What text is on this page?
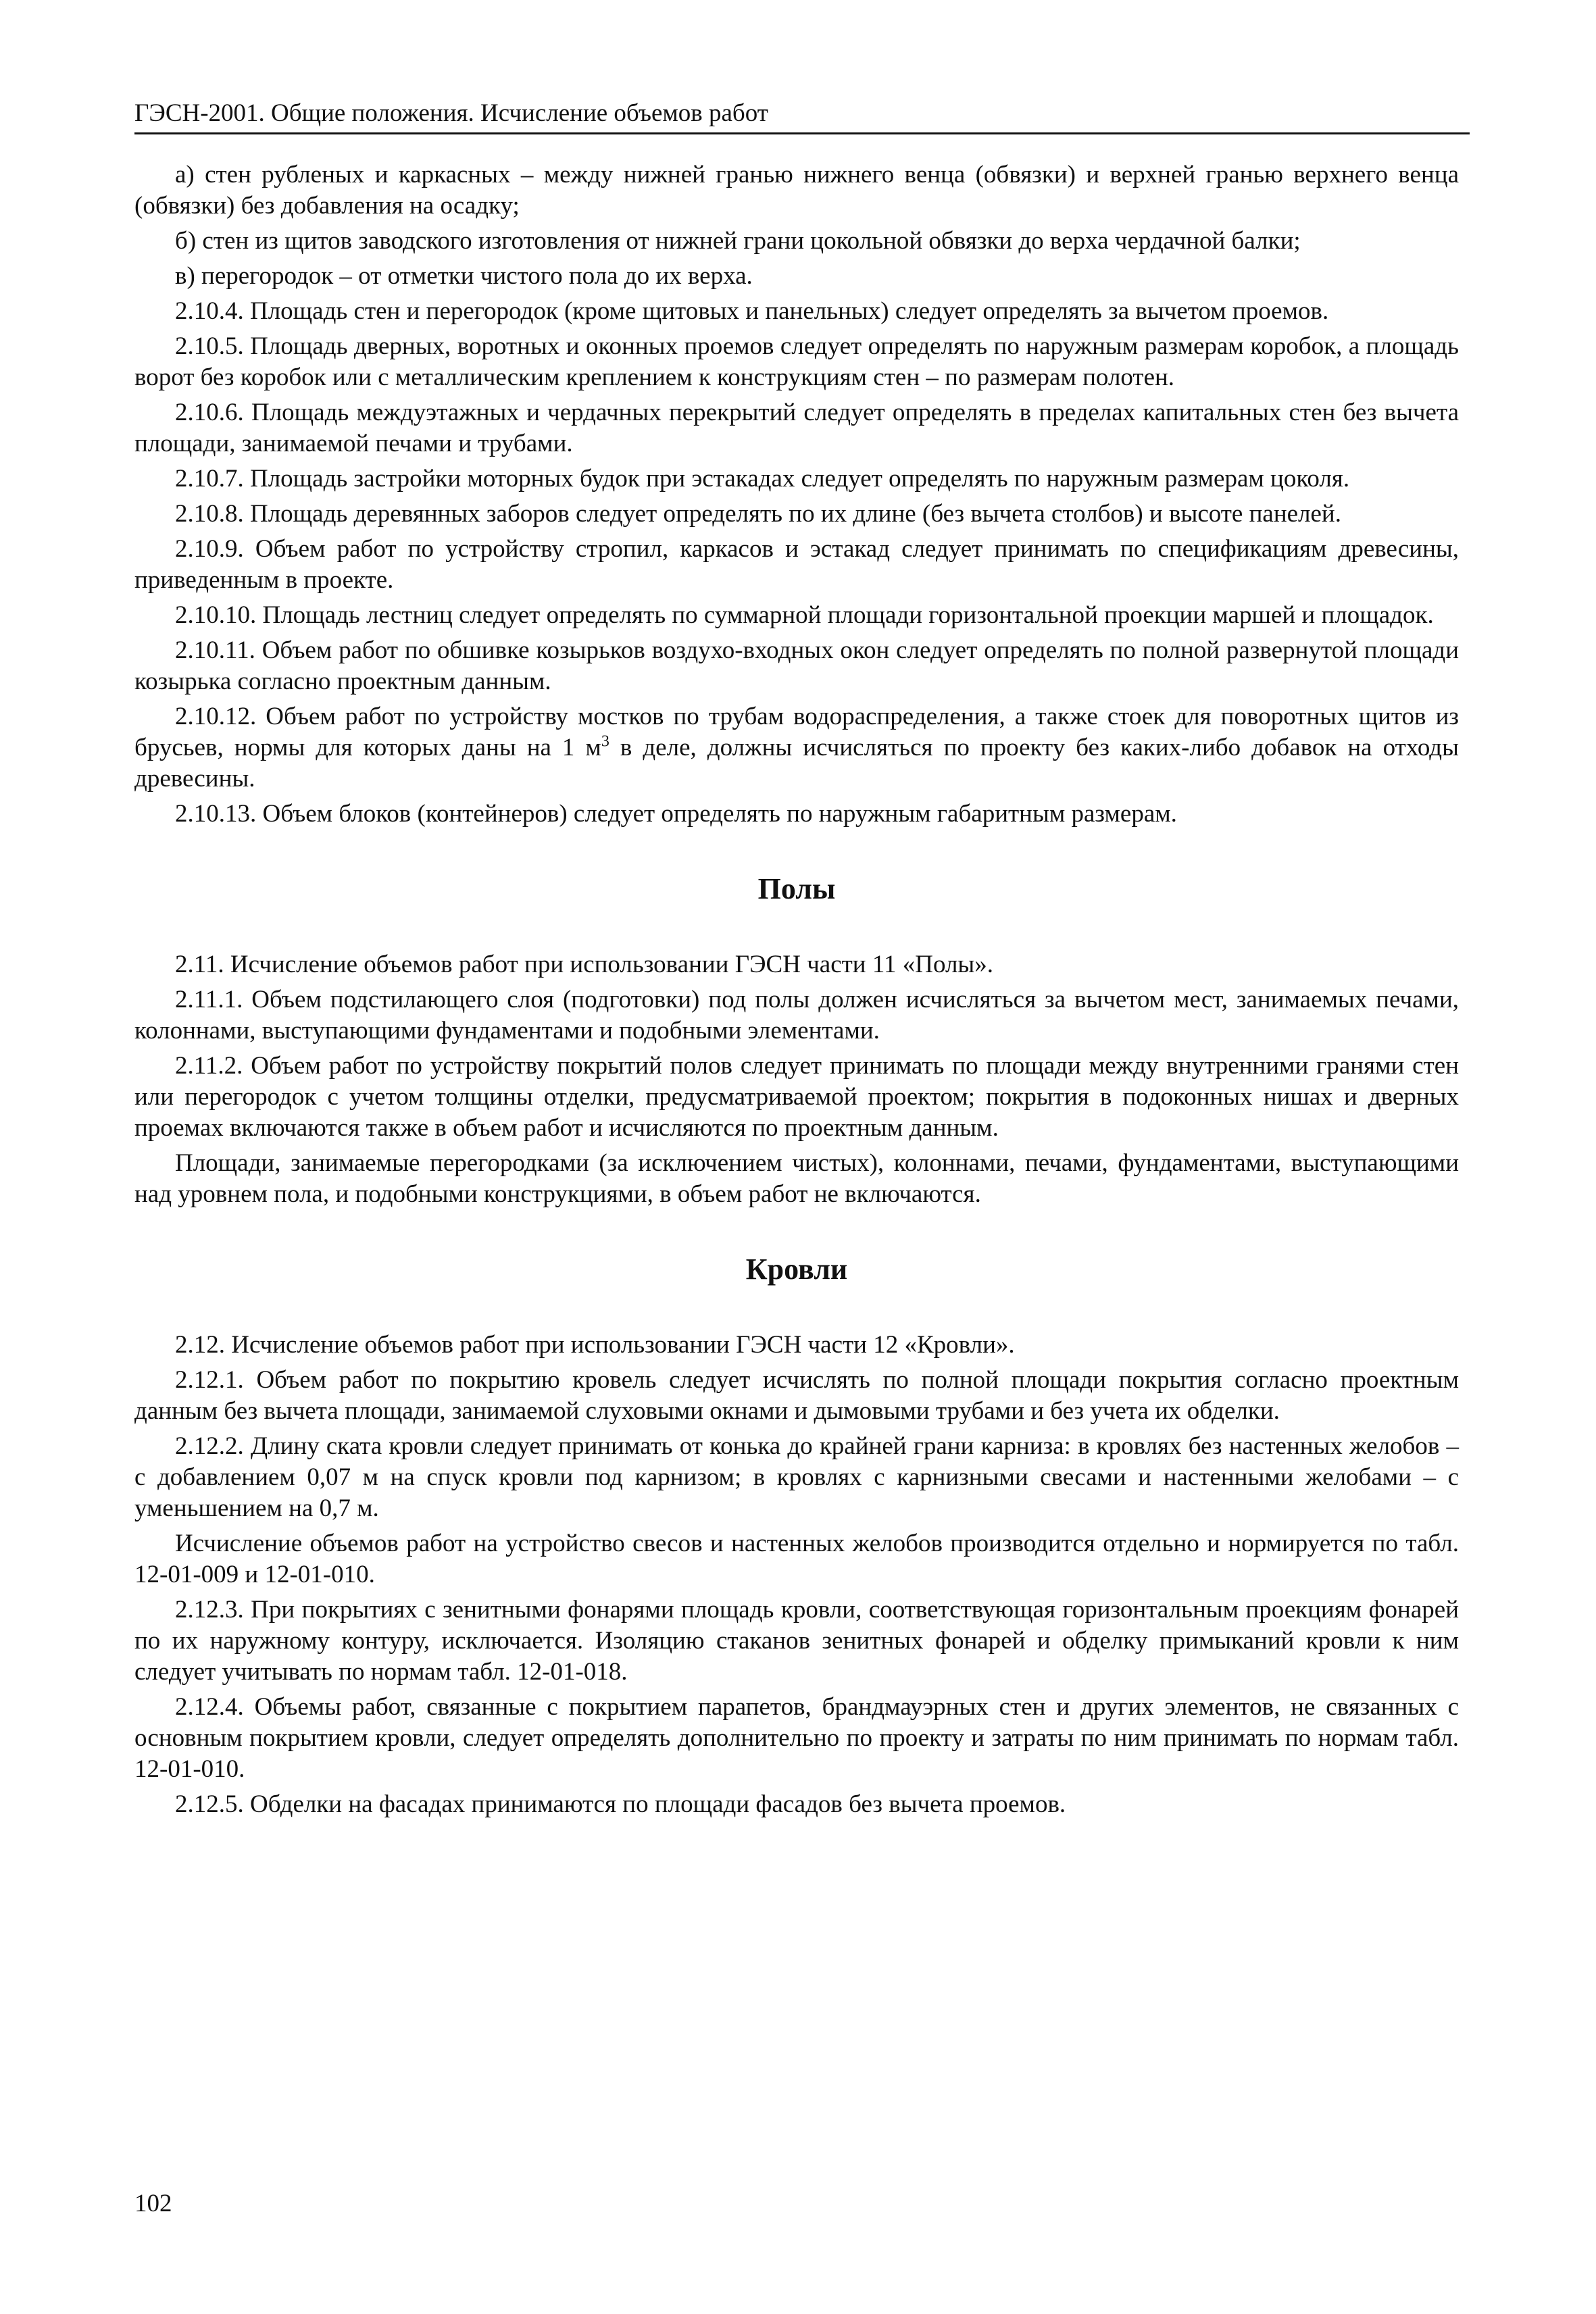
ГЭСН-2001. Общие положения. Исчисление объемов работ

а) стен рубленых и каркасных – между нижней гранью нижнего венца (обвязки) и верхней гранью верхнего венца (обвязки) без добавления на осадку;

б) стен из щитов заводского изготовления от нижней грани цокольной обвязки до верха чердачной балки;

в) перегородок – от отметки чистого пола до их верха.

2.10.4. Площадь стен и перегородок (кроме щитовых и панельных) следует определять за вычетом проемов.

2.10.5. Площадь дверных, воротных и оконных проемов следует определять по наружным размерам коробок, а площадь ворот без коробок или с металлическим креплением к конструкциям стен – по размерам полотен.

2.10.6. Площадь междуэтажных и чердачных перекрытий следует определять в пределах капитальных стен без вычета площади, занимаемой печами и трубами.

2.10.7. Площадь застройки моторных будок при эстакадах следует определять по наружным размерам цоколя.

2.10.8. Площадь деревянных заборов следует определять по их длине (без вычета столбов) и высоте панелей.

2.10.9. Объем работ по устройству стропил, каркасов и эстакад следует принимать по спецификациям древесины, приведенным в проекте.

2.10.10. Площадь лестниц следует определять по суммарной площади горизонтальной проекции маршей и площадок.

2.10.11. Объем работ по обшивке козырьков воздухо-входных окон следует определять по полной развернутой площади козырька согласно проектным данным.

2.10.12. Объем работ по устройству мостков по трубам водораспределения, а также стоек для поворотных щитов из брусьев, нормы для которых даны на 1 $м^3$ в деле, должны исчисляться по проекту без каких-либо добавок на отходы древесины.

2.10.13. Объем блоков (контейнеров) следует определять по наружным габаритным размерам.

Полы

2.11. Исчисление объемов работ при использовании ГЭСН части 11 «Полы».

2.11.1. Объем подстилающего слоя (подготовки) под полы должен исчисляться за вычетом мест, занимаемых печами, колоннами, выступающими фундаментами и подобными элементами.

2.11.2. Объем работ по устройству покрытий полов следует принимать по площади между внутренними гранями стен или перегородок с учетом толщины отделки, предусматриваемой проектом; покрытия в подоконных нишах и дверных проемах включаются также в объем работ и исчисляются по проектным данным.

Площади, занимаемые перегородками (за исключением чистых), колоннами, печами, фундаментами, выступающими над уровнем пола, и подобными конструкциями, в объем работ не включаются.

Кровли

2.12. Исчисление объемов работ при использовании ГЭСН части 12 «Кровли».

2.12.1. Объем работ по покрытию кровель следует исчислять по полной площади покрытия согласно проектным данным без вычета площади, занимаемой слуховыми окнами и дымовыми трубами и без учета их обделки.

2.12.2. Длину ската кровли следует принимать от конька до крайней грани карниза: в кровлях без настенных желобов – с добавлением 0,07 м на спуск кровли под карнизом; в кровлях с карнизными свесами и настенными желобами – с уменьшением на 0,7 м.

Исчисление объемов работ на устройство свесов и настенных желобов производится отдельно и нормируется по табл. 12-01-009 и 12-01-010.

2.12.3. При покрытиях с зенитными фонарями площадь кровли, соответствующая горизонтальным проекциям фонарей по их наружному контуру, исключается. Изоляцию стаканов зенитных фонарей и обделку примыканий кровли к ним следует учитывать по нормам табл. 12-01-018.

2.12.4. Объемы работ, связанные с покрытием парапетов, брандмауэрных стен и других элементов, не связанных с основным покрытием кровли, следует определять дополнительно по проекту и затраты по ним принимать по нормам табл. 12-01-010.

2.12.5. Обделки на фасадах принимаются по площади фасадов без вычета проемов.

102
